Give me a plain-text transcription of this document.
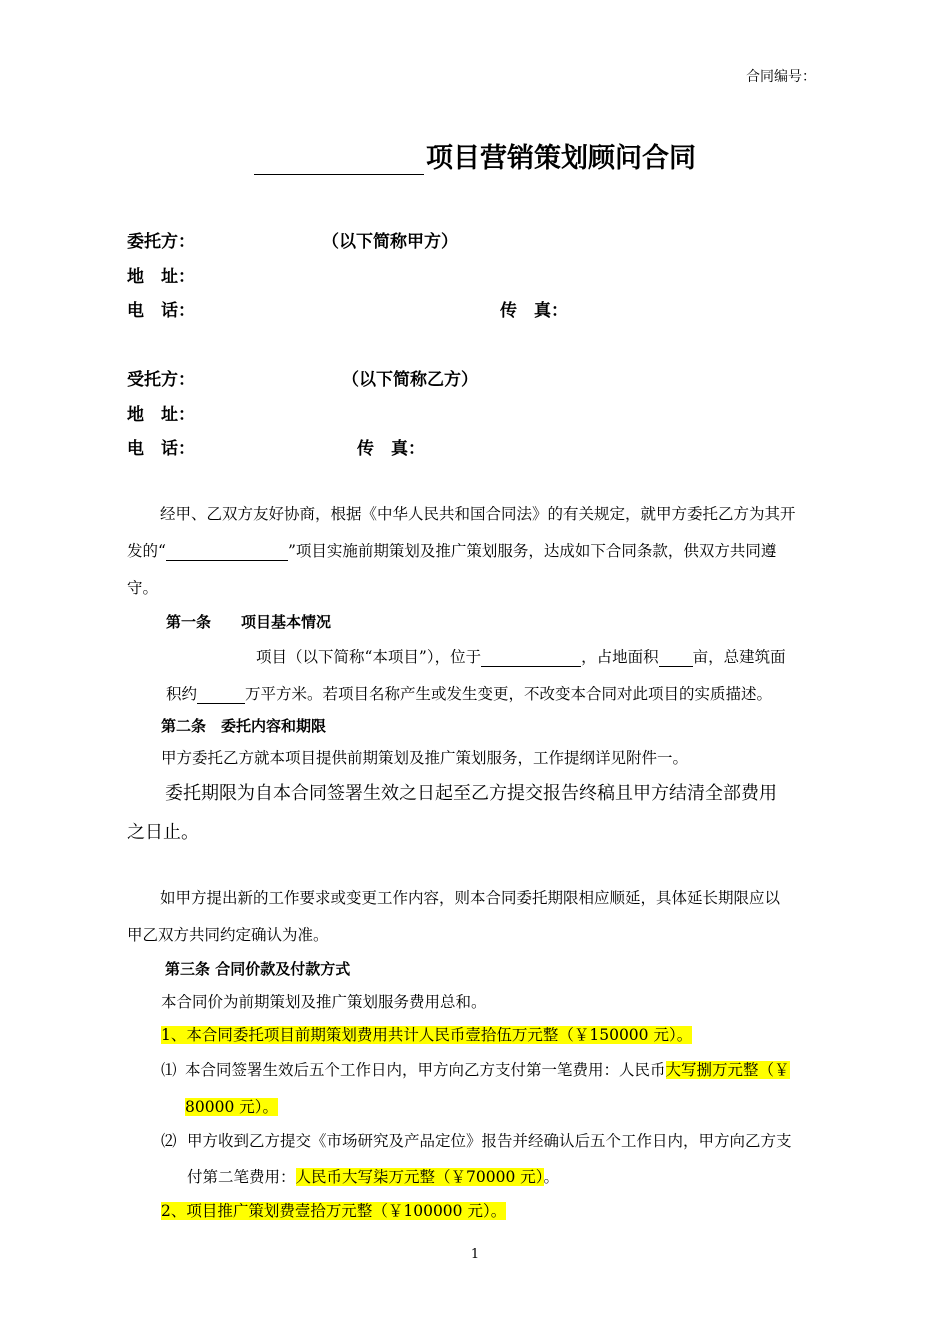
合同编号：
项目营销策划顾问合同
委托方：	（以下简称甲方）
地　址：
电　话：	传　真：
受托方：	（以下简称乙方）
地　址：
电　话：	传　真：
经甲、乙双方友好协商，根据《中华人民共和国合同法》的有关规定，就甲方委托乙方为其开
发的“	”项目实施前期策划及推广策划服务，达成如下合同条款，供双方共同遵
守。
第一条　　项目基本情况
项目（以下简称“本项目”），位于	，占地面积 亩，总建筑面
积约	万平方米。若项目名称产生或发生变更，不改变本合同对此项目的实质描述。
第二条　委托内容和期限
甲方委托乙方就本项目提供前期策划及推广策划服务，工作提纲详见附件一。
委托期限为自本合同签署生效之日起至乙方提交报告终稿且甲方结清全部费用
之日止。
如甲方提出新的工作要求或变更工作内容，则本合同委托期限相应顺延，具体延长期限应以
甲乙双方共同约定确认为准。
第三条 合同价款及付款方式
本合同价为前期策划及推广策划服务费用总和。
1、本合同委托项目前期策划费用共计人民币壹拾伍万元整（￥150000 元）。
⑴ 本合同签署生效后五个工作日内，甲方向乙方支付第一笔费用：人民币大写捌万元整（￥
80000 元）。
⑵ 甲方收到乙方提交《市场研究及产品定位》报告并经确认后五个工作日内，甲方向乙方支
付第二笔费用：人民币大写柒万元整（￥70000 元）。
2、项目推广策划费壹拾万元整（￥100000 元）。
1
